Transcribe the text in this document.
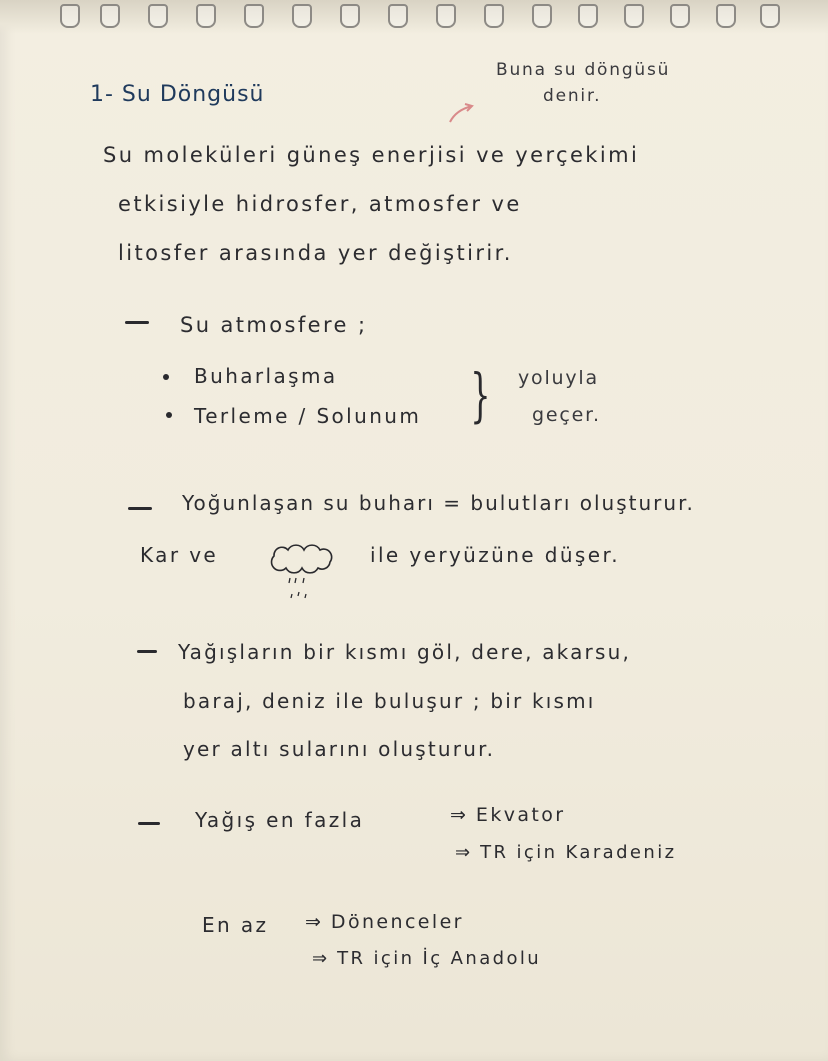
1- Su Döngüsü
Buna su döngüsü
denir.
Su moleküleri güneş enerjisi ve yerçekimi
etkisiyle hidrosfer, atmosfer ve
litosfer arasında yer değiştirir.
Su atmosfere ;
Buharlaşma
Terleme / Solunum } yoluyla
geçer.
Yoğunlaşan su buharı = bulutları oluşturur.
Kar ve	ile yeryüzüne düşer.
Yağışların bir kısmı göl, dere, akarsu,
baraj, deniz ile buluşur ; bir kısmı
yer altı sularını oluşturur.
Yağış en fazla	⇒ Ekvator
⇒ TR için Karadeniz
En az ⇒ Dönenceler
⇒ TR için İç Anadolu
